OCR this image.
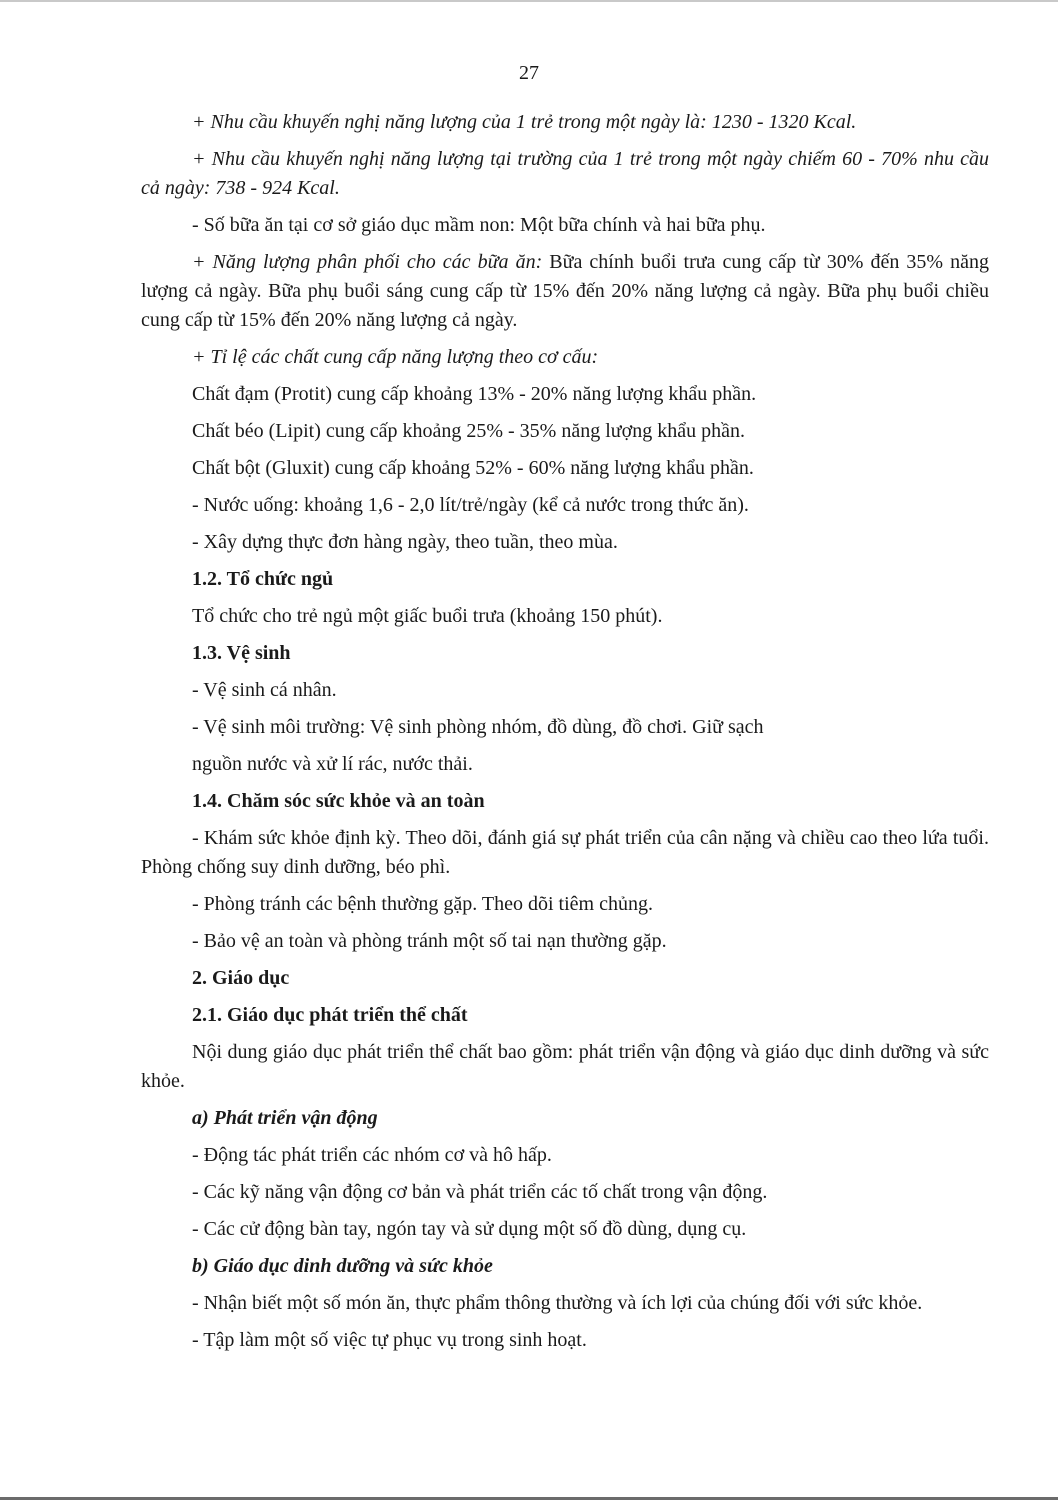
27

+ Nhu cầu khuyến nghị năng lượng của 1 trẻ trong một ngày là: 1230 - 1320 Kcal.

+ Nhu cầu khuyến nghị năng lượng tại trường của 1 trẻ trong một ngày chiếm 60 - 70% nhu cầu cả ngày: 738 - 924 Kcal.

- Số bữa ăn tại cơ sở giáo dục mầm non: Một bữa chính và hai bữa phụ.

+ Năng lượng phân phối cho các bữa ăn: Bữa chính buổi trưa cung cấp từ 30% đến 35% năng lượng cả ngày. Bữa phụ buổi sáng cung cấp từ 15% đến 20% năng lượng cả ngày. Bữa phụ buổi chiều cung cấp từ 15% đến 20% năng lượng cả ngày.

+ Tỉ lệ các chất cung cấp năng lượng theo cơ cấu:

Chất đạm (Protit) cung cấp khoảng 13% - 20% năng lượng khẩu phần.

Chất béo (Lipit) cung cấp khoảng 25% - 35% năng lượng khẩu phần.

Chất bột (Gluxit) cung cấp khoảng 52% - 60% năng lượng khẩu phần.

- Nước uống: khoảng 1,6 - 2,0 lít/trẻ/ngày (kể cả nước trong thức ăn).

- Xây dựng thực đơn hàng ngày, theo tuần, theo mùa.

1.2. Tổ chức ngủ

Tổ chức cho trẻ ngủ một giấc buổi trưa (khoảng 150 phút).

1.3. Vệ sinh

- Vệ sinh cá nhân.

- Vệ sinh môi trường: Vệ sinh phòng nhóm, đồ dùng, đồ chơi. Giữ sạch

nguồn nước và xử lí rác, nước thải.

1.4. Chăm sóc sức khỏe và an toàn

- Khám sức khỏe định kỳ. Theo dõi, đánh giá sự phát triển của cân nặng và chiều cao theo lứa tuổi. Phòng chống suy dinh dưỡng, béo phì.

- Phòng tránh các bệnh thường gặp. Theo dõi tiêm chủng.

- Bảo vệ an toàn và phòng tránh một số tai nạn thường gặp.

2. Giáo dục

2.1. Giáo dục phát triển thể chất

Nội dung giáo dục phát triển thể chất bao gồm: phát triển vận động và giáo dục dinh dưỡng và sức khỏe.

a) Phát triển vận động

- Động tác phát triển các nhóm cơ và hô hấp.

- Các kỹ năng vận động cơ bản và phát triển các tố chất trong vận động.

- Các cử động bàn tay, ngón tay và sử dụng một số đồ dùng, dụng cụ.

b) Giáo dục dinh dưỡng và sức khỏe

- Nhận biết một số món ăn, thực phẩm thông thường và ích lợi của chúng đối với sức khỏe.

- Tập làm một số việc tự phục vụ trong sinh hoạt.
